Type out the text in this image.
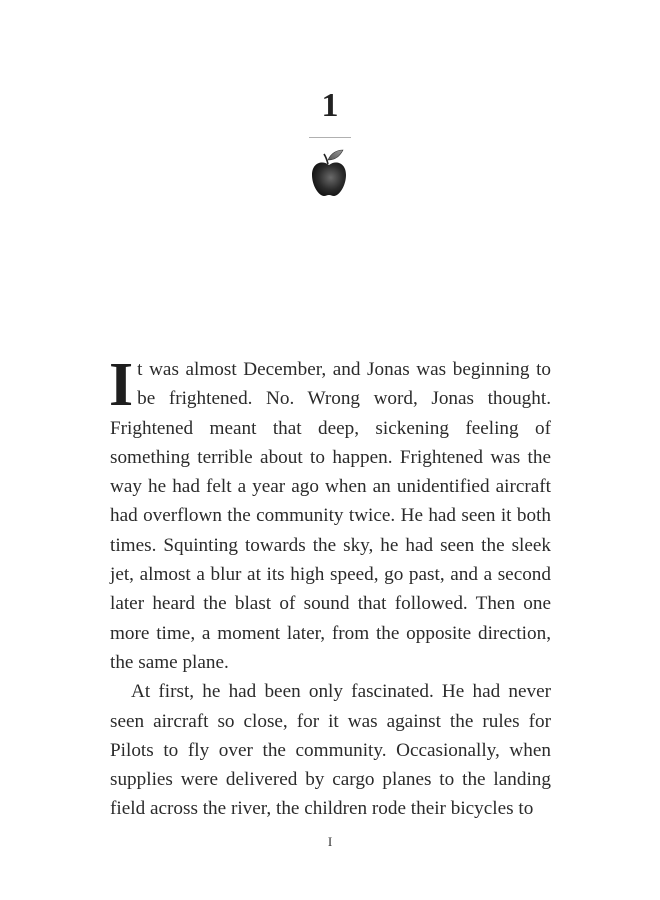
1

It was almost December, and Jonas was beginning to be frightened. No. Wrong word, Jonas thought. Frightened meant that deep, sickening feeling of something terrible about to happen. Frightened was the way he had felt a year ago when an unidentified aircraft had overflown the community twice. He had seen it both times. Squinting towards the sky, he had seen the sleek jet, almost a blur at its high speed, go past, and a second later heard the blast of sound that followed. Then one more time, a moment later, from the opposite direction, the same plane.

At first, he had been only fascinated. He had never seen aircraft so close, for it was against the rules for Pilots to fly over the community. Occasionally, when supplies were delivered by cargo planes to the landing field across the river, the children rode their bicycles to

I
